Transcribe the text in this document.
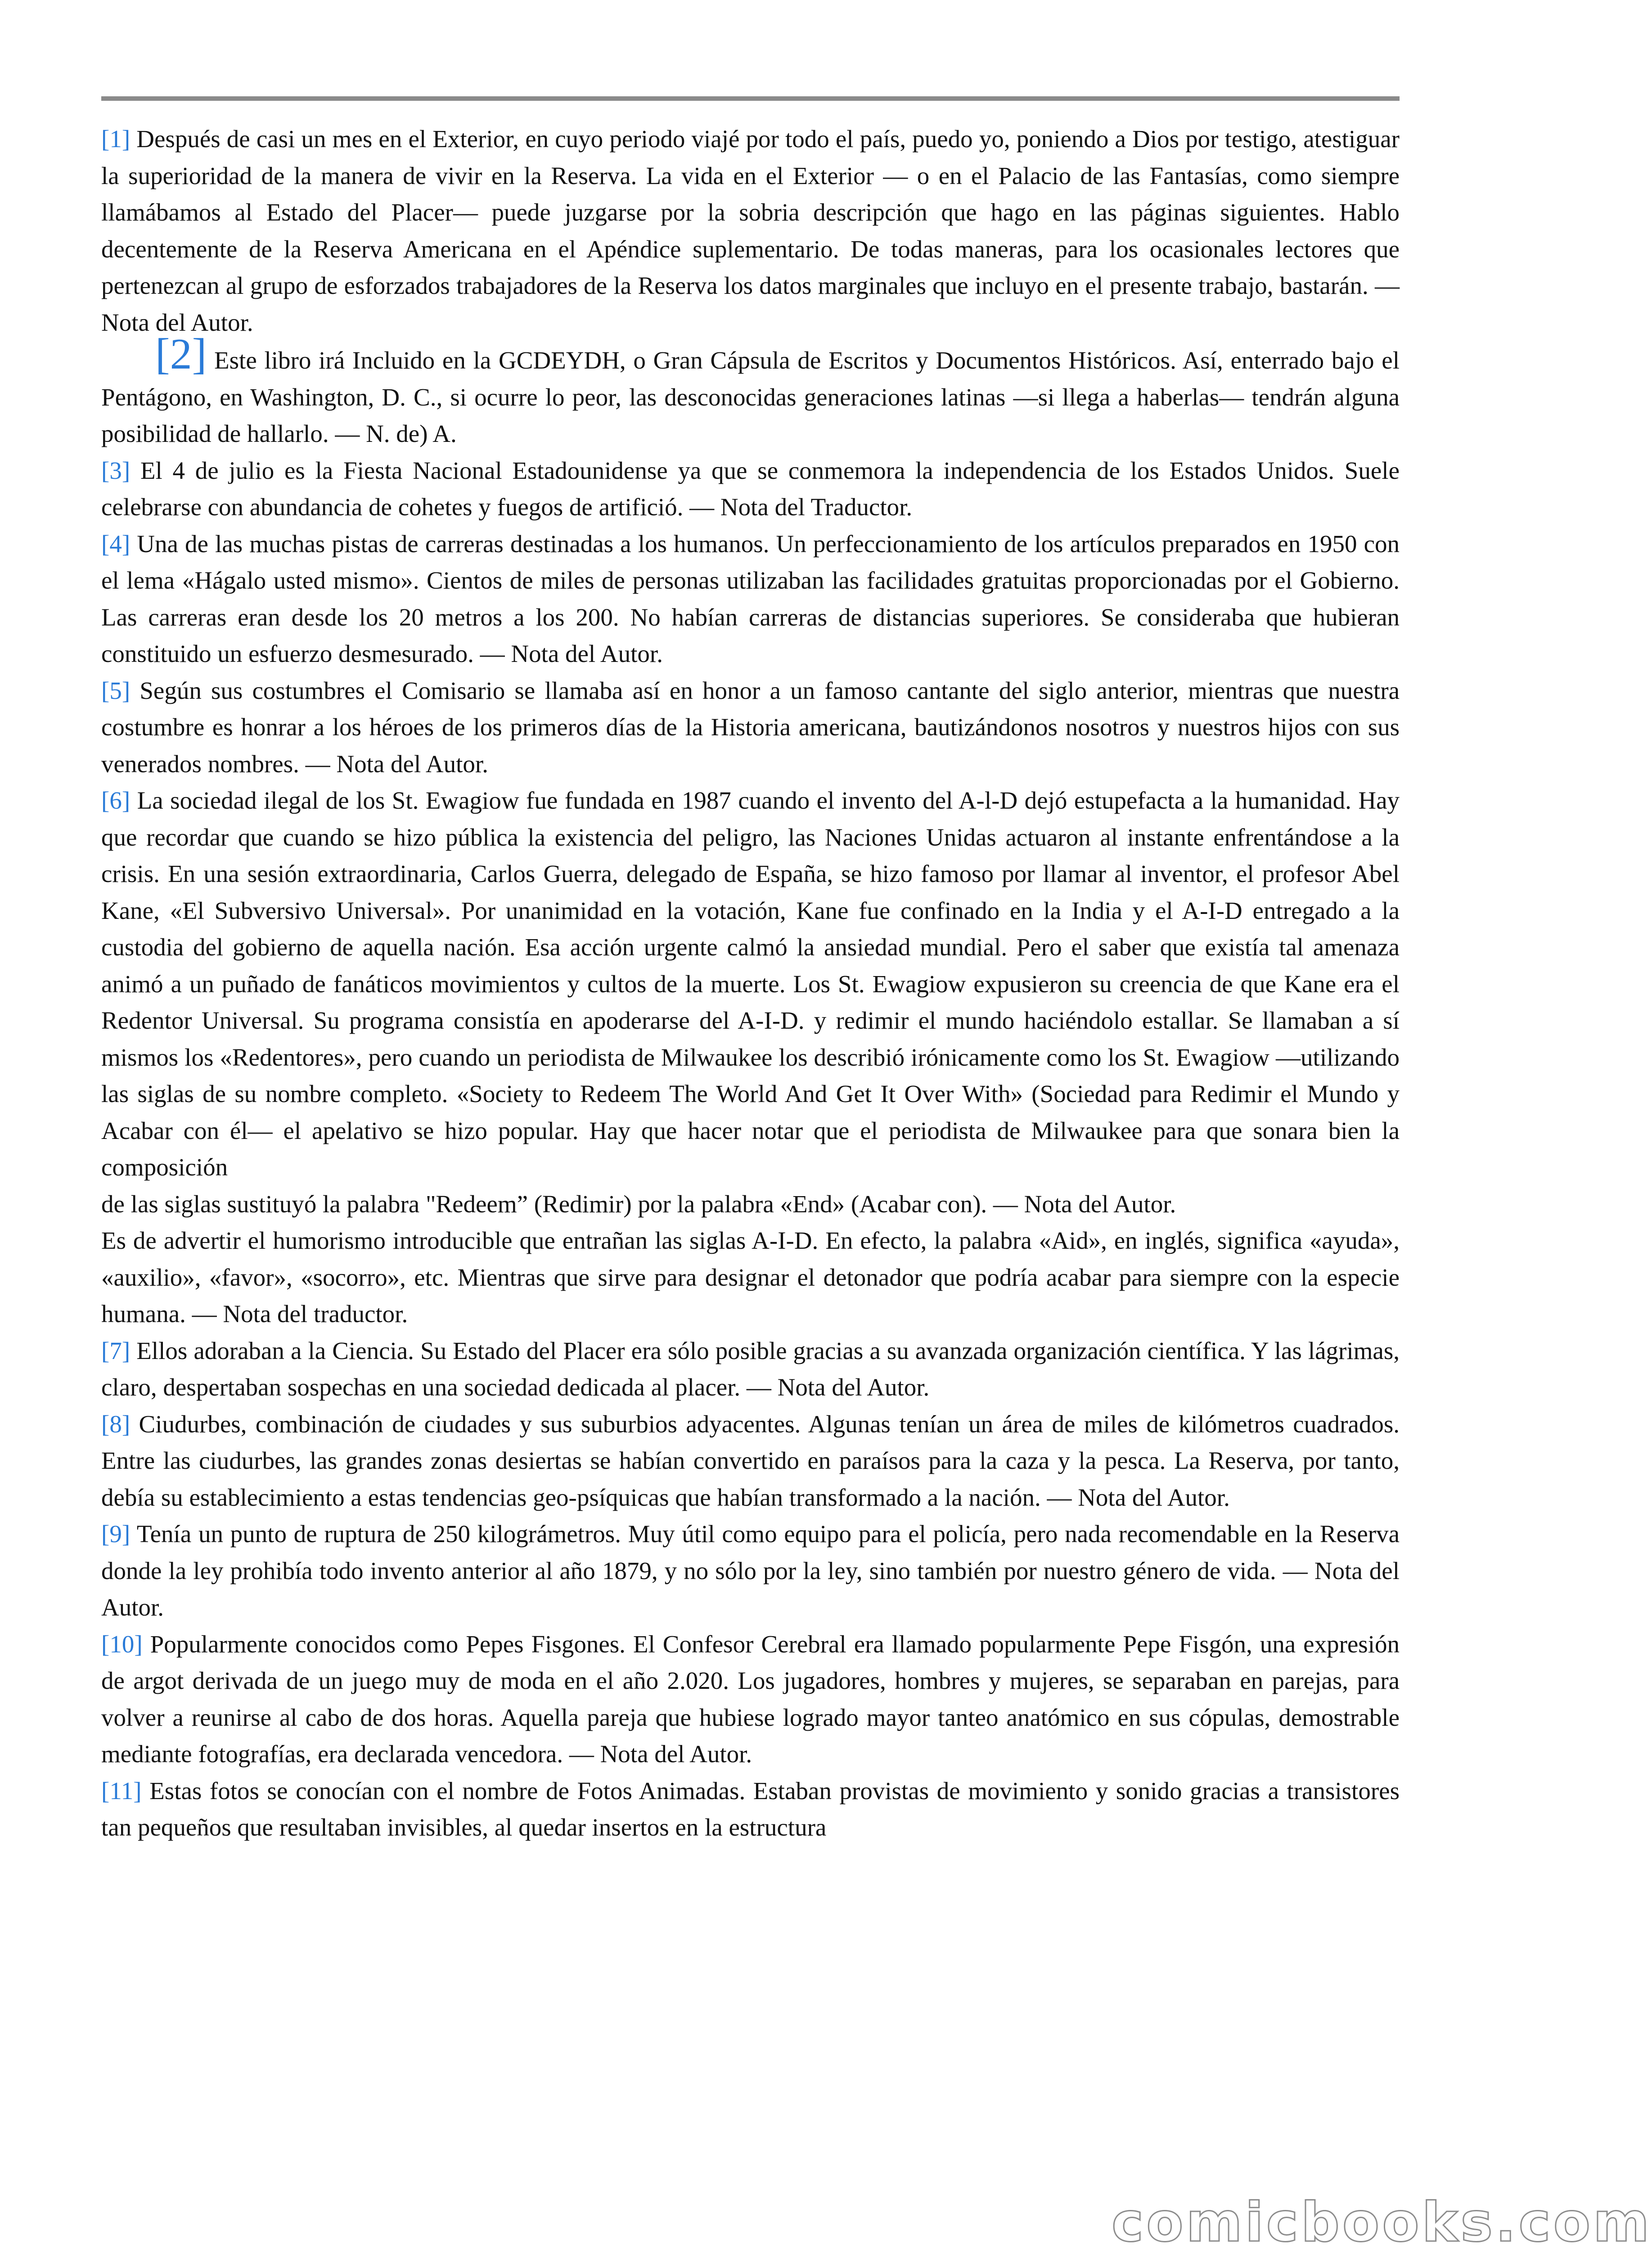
[1] Después de casi un mes en el Exterior, en cuyo periodo viajé por todo el país, puedo yo, poniendo a Dios por testigo, atestiguar la superioridad de la manera de vivir en la Reserva. La vida en el Exterior — o en el Palacio de las Fantasías, como siempre llamábamos al Estado del Placer— puede juzgarse por la sobria descripción que hago en las páginas siguientes. Hablo decentemente de la Reserva Americana en el Apéndice suplementario. De todas maneras, para los ocasionales lectores que pertenezcan al grupo de esforzados trabajadores de la Reserva los datos marginales que incluyo en el presente trabajo, bastarán. — Nota del Autor.

[2] Este libro irá Incluido en la GCDEYDH, o Gran Cápsula de Escritos y Documentos Históricos. Así, enterrado bajo el Pentágono, en Washington, D. C., si ocurre lo peor, las desconocidas generaciones latinas —si llega a haberlas— tendrán alguna posibilidad de hallarlo. — N. de) A.

[3] El 4 de julio es la Fiesta Nacional Estadounidense ya que se conmemora la independencia de los Estados Unidos. Suele celebrarse con abundancia de cohetes y fuegos de artifició. — Nota del Traductor.

[4] Una de las muchas pistas de carreras destinadas a los humanos. Un perfeccionamiento de los artículos preparados en 1950 con el lema «Hágalo usted mismo». Cientos de miles de personas utilizaban las facilidades gratuitas proporcionadas por el Gobierno. Las carreras eran desde los 20 metros a los 200. No habían carreras de distancias superiores. Se consideraba que hubieran constituido un esfuerzo desmesurado. — Nota del Autor.

[5] Según sus costumbres el Comisario se llamaba así en honor a un famoso cantante del siglo anterior, mientras que nuestra costumbre es honrar a los héroes de los primeros días de la Historia americana, bautizándonos nosotros y nuestros hijos con sus venerados nombres. — Nota del Autor.

[6] La sociedad ilegal de los St. Ewagiow fue fundada en 1987 cuando el invento del A-l-D dejó estupefacta a la humanidad. Hay que recordar que cuando se hizo pública la existencia del peligro, las Naciones Unidas actuaron al instante enfrentándose a la crisis. En una sesión extraordinaria, Carlos Guerra, delegado de España, se hizo famoso por llamar al inventor, el profesor Abel Kane, «El Subversivo Universal». Por unanimidad en la votación, Kane fue confinado en la India y el A-I-D entregado a la custodia del gobierno de aquella nación. Esa acción urgente calmó la ansiedad mundial. Pero el saber que existía tal amenaza animó a un puñado de fanáticos movimientos y cultos de la muerte. Los St. Ewagiow expusieron su creencia de que Kane era el Redentor Universal. Su programa consistía en apoderarse del A-I-D. y redimir el mundo haciéndolo estallar. Se llamaban a sí mismos los «Redentores», pero cuando un periodista de Milwaukee los describió irónicamente como los St. Ewagiow —utilizando las siglas de su nombre completo. «Society to Redeem The World And Get It Over With» (Sociedad para Redimir el Mundo y Acabar con él— el apelativo se hizo popular. Hay que hacer notar que el periodista de Milwaukee para que sonara bien la composición

de las siglas sustituyó la palabra "Redeem” (Redimir) por la palabra «End» (Acabar con). — Nota del Autor.

Es de advertir el humorismo introducible que entrañan las siglas A-I-D. En efecto, la palabra «Aid», en inglés, significa «ayuda», «auxilio», «favor», «socorro», etc. Mientras que sirve para designar el detonador que podría acabar para siempre con la especie humana. — Nota del traductor.

[7] Ellos adoraban a la Ciencia. Su Estado del Placer era sólo posible gracias a su avanzada organización científica. Y las lágrimas, claro, despertaban sospechas en una sociedad dedicada al placer. — Nota del Autor.

[8] Ciudurbes, combinación de ciudades y sus suburbios adyacentes. Algunas tenían un área de miles de kilómetros cuadrados. Entre las ciudurbes, las grandes zonas desiertas se habían convertido en paraísos para la caza y la pesca. La Reserva, por tanto, debía su establecimiento a estas tendencias geo-psíquicas que habían transformado a la nación. — Nota del Autor.

[9] Tenía un punto de ruptura de 250 kilográmetros. Muy útil como equipo para el policía, pero nada recomendable en la Reserva donde la ley prohibía todo invento anterior al año 1879, y no sólo por la ley, sino también por nuestro género de vida. — Nota del Autor.

[10] Popularmente conocidos como Pepes Fisgones. El Confesor Cerebral era llamado popularmente Pepe Fisgón, una expresión de argot derivada de un juego muy de moda en el año 2.020. Los jugadores, hombres y mujeres, se separaban en parejas, para volver a reunirse al cabo de dos horas. Aquella pareja que hubiese logrado mayor tanteo anatómico en sus cópulas, demostrable mediante fotografías, era declarada vencedora. — Nota del Autor.

[11] Estas fotos se conocían con el nombre de Fotos Animadas. Estaban provistas de movimiento y sonido gracias a transistores tan pequeños que resultaban invisibles, al quedar insertos en la estructura

comicbooks.com
